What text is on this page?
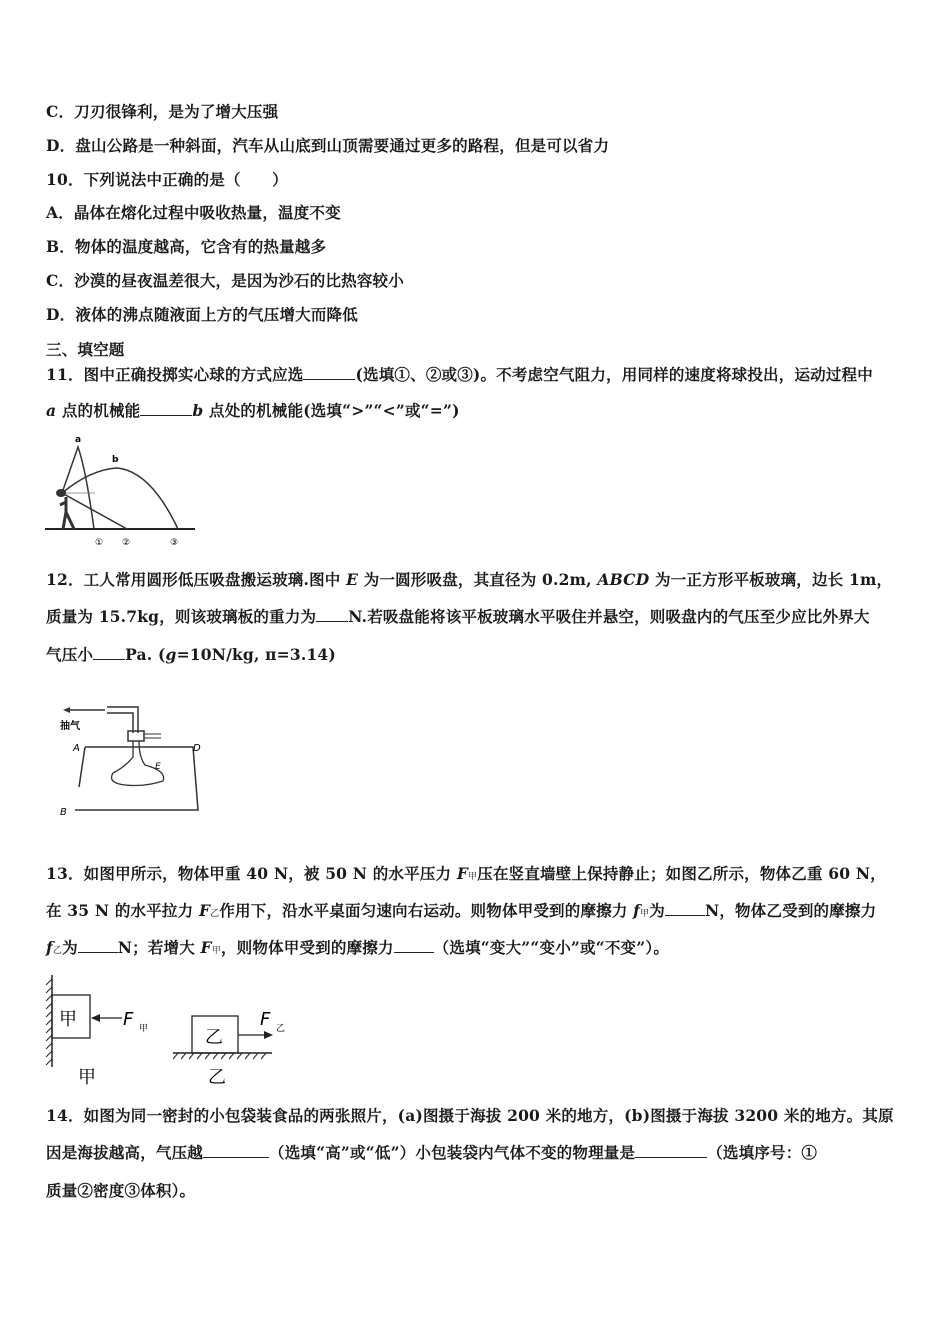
C．刀刃很锋利，是为了增大压强
D．盘山公路是一种斜面，汽车从山底到山顶需要通过更多的路程，但是可以省力
10．下列说法中正确的是（　　）
A．晶体在熔化过程中吸收热量，温度不变
B．物体的温度越高，它含有的热量越多
C．沙漠的昼夜温差很大，是因为沙石的比热容较小
D．液体的沸点随液面上方的气压增大而降低
三、填空题
11．图中正确投掷实心球的方式应选	(选填①、②或③)。不考虑空气阻力，用同样的速度将球投出，运动过程中
a 点的机械能	b 点处的机械能(选填“>”“<”或“=”)
a
b
① ②	③
12．工人常用圆形低压吸盘搬运玻璃.图中 E 为一圆形吸盘，其直径为 0.2m, ABCD 为一正方形平板玻璃，边长 1m，
质量为 15.7kg，则该玻璃板的重力为 N.若吸盘能将该平板玻璃水平吸住并悬空，则吸盘内的气压至少应比外界大
气压小 Pa. (g=10N/kg, π=3.14)
抽气
A	D
B
E
13．如图甲所示，物体甲重 40 N，被 50 N 的水平压力 F甲压在竖直墙壁上保持静止；如图乙所示，物体乙重 60 N，
在 35 N 的水平拉力 F乙作用下，沿水平桌面匀速向右运动。则物体甲受到的摩擦力 f甲为	N，物体乙受到的摩擦力
f乙为	N；若增大 F甲，则物体甲受到的摩擦力	（选填“变大”“变小”或“不变”）。
甲	F 甲
甲
乙
F 乙
乙
14．如图为同一密封的小包袋装食品的两张照片，(a)图摄于海拔 200 米的地方，(b)图摄于海拔 3200 米的地方。其原
因是海拔越高，气压越	（选填“高”或“低”）小包装袋内气体不变的物理量是	（选填序号：①
质量②密度③体积）。
